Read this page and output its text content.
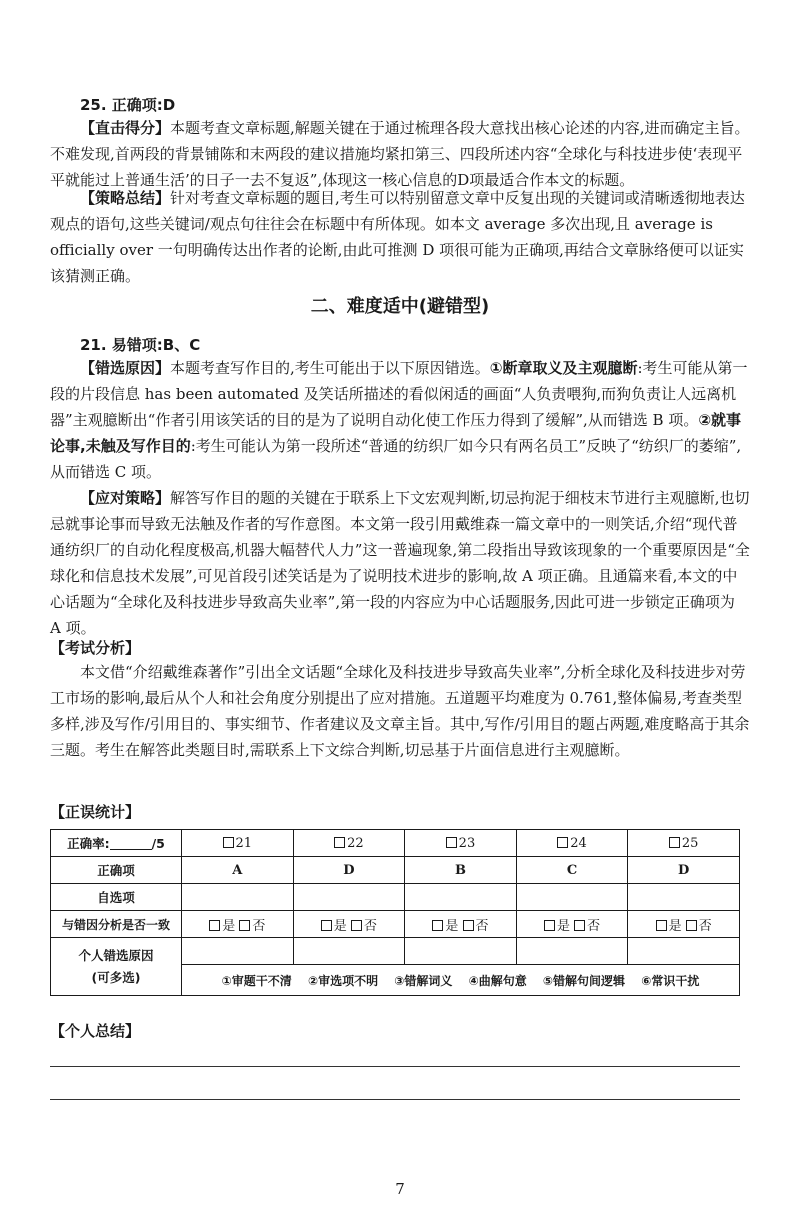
25. 正确项:D

【直击得分】本题考查文章标题,解题关键在于通过梳理各段大意找出核心论述的内容,进而确定主旨。不难发现,首两段的背景铺陈和末两段的建议措施均紧扣第三、四段所述内容“全球化与科技进步使‘表现平平就能过上普通生活’的日子一去不复返”,体现这一核心信息的D项最适合作本文的标题。

【策略总结】针对考查文章标题的题目,考生可以特别留意文章中反复出现的关键词或清晰透彻地表达观点的语句,这些关键词/观点句往往会在标题中有所体现。如本文 average 多次出现,且 average is officially over 一句明确传达出作者的论断,由此可推测 D 项很可能为正确项,再结合文章脉络便可以证实该猜测正确。

二、难度适中(避错型)
21. 易错项:B、C

【错选原因】本题考查写作目的,考生可能出于以下原因错选。①断章取义及主观臆断:考生可能从第一段的片段信息 has been automated 及笑话所描述的看似闲适的画面“人负责喂狗,而狗负责让人远离机器”主观臆断出“作者引用该笑话的目的是为了说明自动化使工作压力得到了缓解”,从而错选 B 项。②就事论事,未触及写作目的:考生可能认为第一段所述“普通的纺织厂如今只有两名员工”反映了“纺织厂的萎缩”,从而错选 C 项。

【应对策略】解答写作目的题的关键在于联系上下文宏观判断,切忌拘泥于细枝末节进行主观臆断,也切忌就事论事而导致无法触及作者的写作意图。本文第一段引用戴维森一篇文章中的一则笑话,介绍“现代普通纺织厂的自动化程度极高,机器大幅替代人力”这一普遍现象,第二段指出导致该现象的一个重要原因是“全球化和信息技术发展”,可见首段引述笑话是为了说明技术进步的影响,故 A 项正确。且通篇来看,本文的中心话题为“全球化及科技进步导致高失业率”,第一段的内容应为中心话题服务,因此可进一步锁定正确项为 A 项。

【考试分析】

本文借“介绍戴维森著作”引出全文话题“全球化及科技进步导致高失业率”,分析全球化及科技进步对劳工市场的影响,最后从个人和社会角度分别提出了应对措施。五道题平均难度为 0.761,整体偏易,考查类型多样,涉及写作/引用目的、事实细节、作者建议及文章主旨。其中,写作/引用目的题占两题,难度略高于其余三题。考生在解答此类题目时,需联系上下文综合判断,切忌基于片面信息进行主观臆断。

【正误统计】
正确率: /5	21	22	23	24	25
正确项	A	D	B	C	D
自选项					
与错因分析是否一致	是 否	是 否	是 否	是 否	是 否
个人错选原因
(可多选)					
	①审题干不清 ②审选项不明 ③错解词义 ④曲解句意 ⑤错解句间逻辑 ⑥常识干扰				
【个人总结】
7
